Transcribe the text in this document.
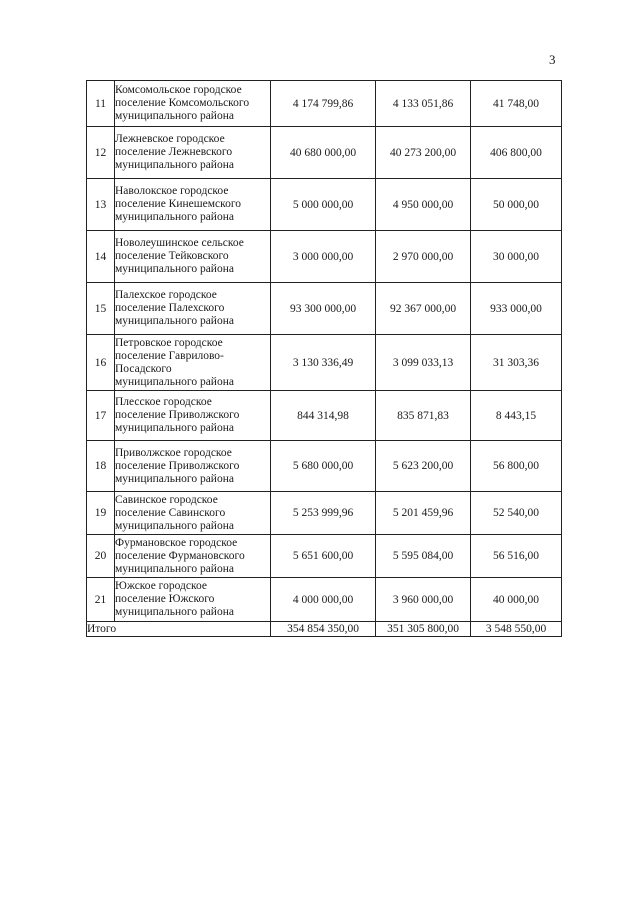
3
11	Комсомольское городское
поселение Комсомольского
муниципального района	4 174 799,86	4 133 051,86	41 748,00
12	Лежневское городское
поселение Лежневского
муниципального района	40 680 000,00	40 273 200,00	406 800,00
13	Наволокское городское
поселение Кинешемского
муниципального района	5 000 000,00	4 950 000,00	50 000,00
14	Новолеушинское сельское
поселение Тейковского
муниципального района	3 000 000,00	2 970 000,00	30 000,00
15	Палехское городское
поселение Палехского
муниципального района	93 300 000,00	92 367 000,00	933 000,00
16	Петровское городское
поселение Гаврилово-
Посадского
муниципального района	3 130 336,49	3 099 033,13	31 303,36
17	Плесское городское
поселение Приволжского
муниципального района	844 314,98	835 871,83	8 443,15
18	Приволжское городское
поселение Приволжского
муниципального района	5 680 000,00	5 623 200,00	56 800,00
19	Савинское городское
поселение Савинского
муниципального района	5 253 999,96	5 201 459,96	52 540,00
20	Фурмановское городское
поселение Фурмановского
муниципального района	5 651 600,00	5 595 084,00	56 516,00
21	Южское городское
поселение Южского
муниципального района	4 000 000,00	3 960 000,00	40 000,00
Итого		354 854 350,00	351 305 800,00	3 548 550,00
